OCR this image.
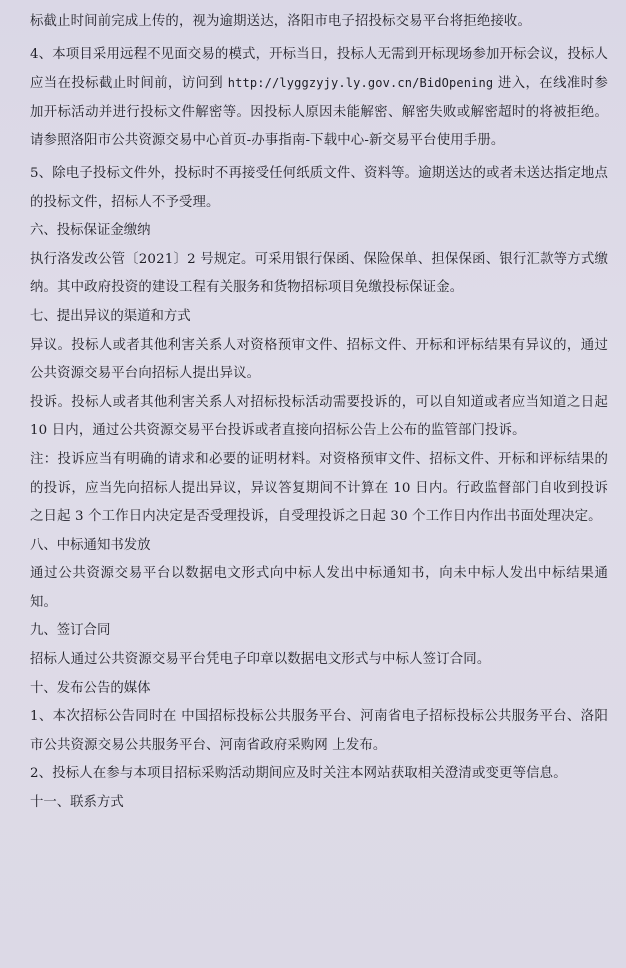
标截止时间前完成上传的，视为逾期送达，洛阳市电子招投标交易平台将拒绝接收。

4、本项目采用远程不见面交易的模式，开标当日，投标人无需到开标现场参加开标会议，投标人应当在投标截止时间前，访问到 http://lyggzyjy.ly.gov.cn/BidOpening 进入，在线准时参加开标活动并进行投标文件解密等。因投标人原因未能解密、解密失败或解密超时的将被拒绝。请参照洛阳市公共资源交易中心首页-办事指南-下载中心-新交易平台使用手册。

5、除电子投标文件外，投标时不再接受任何纸质文件、资料等。逾期送达的或者未送达指定地点的投标文件，招标人不予受理。

六、投标保证金缴纳

执行洛发改公管〔2021〕2 号规定。可采用银行保函、保险保单、担保保函、银行汇款等方式缴纳。其中政府投资的建设工程有关服务和货物招标项目免缴投标保证金。

七、提出异议的渠道和方式

异议。投标人或者其他利害关系人对资格预审文件、招标文件、开标和评标结果有异议的，通过公共资源交易平台向招标人提出异议。

投诉。投标人或者其他利害关系人对招标投标活动需要投诉的，可以自知道或者应当知道之日起 10 日内，通过公共资源交易平台投诉或者直接向招标公告上公布的监管部门投诉。

注：投诉应当有明确的请求和必要的证明材料。对资格预审文件、招标文件、开标和评标结果的的投诉，应当先向招标人提出异议，异议答复期间不计算在 10 日内。行政监督部门自收到投诉之日起 3 个工作日内决定是否受理投诉，自受理投诉之日起 30 个工作日内作出书面处理决定。

八、中标通知书发放

通过公共资源交易平台以数据电文形式向中标人发出中标通知书，向未中标人发出中标结果通知。

九、签订合同

招标人通过公共资源交易平台凭电子印章以数据电文形式与中标人签订合同。

十、发布公告的媒体

1、本次招标公告同时在 中国招标投标公共服务平台、河南省电子招标投标公共服务平台、洛阳市公共资源交易公共服务平台、河南省政府采购网 上发布。

2、投标人在参与本项目招标采购活动期间应及时关注本网站获取相关澄清或变更等信息。

十一、联系方式
